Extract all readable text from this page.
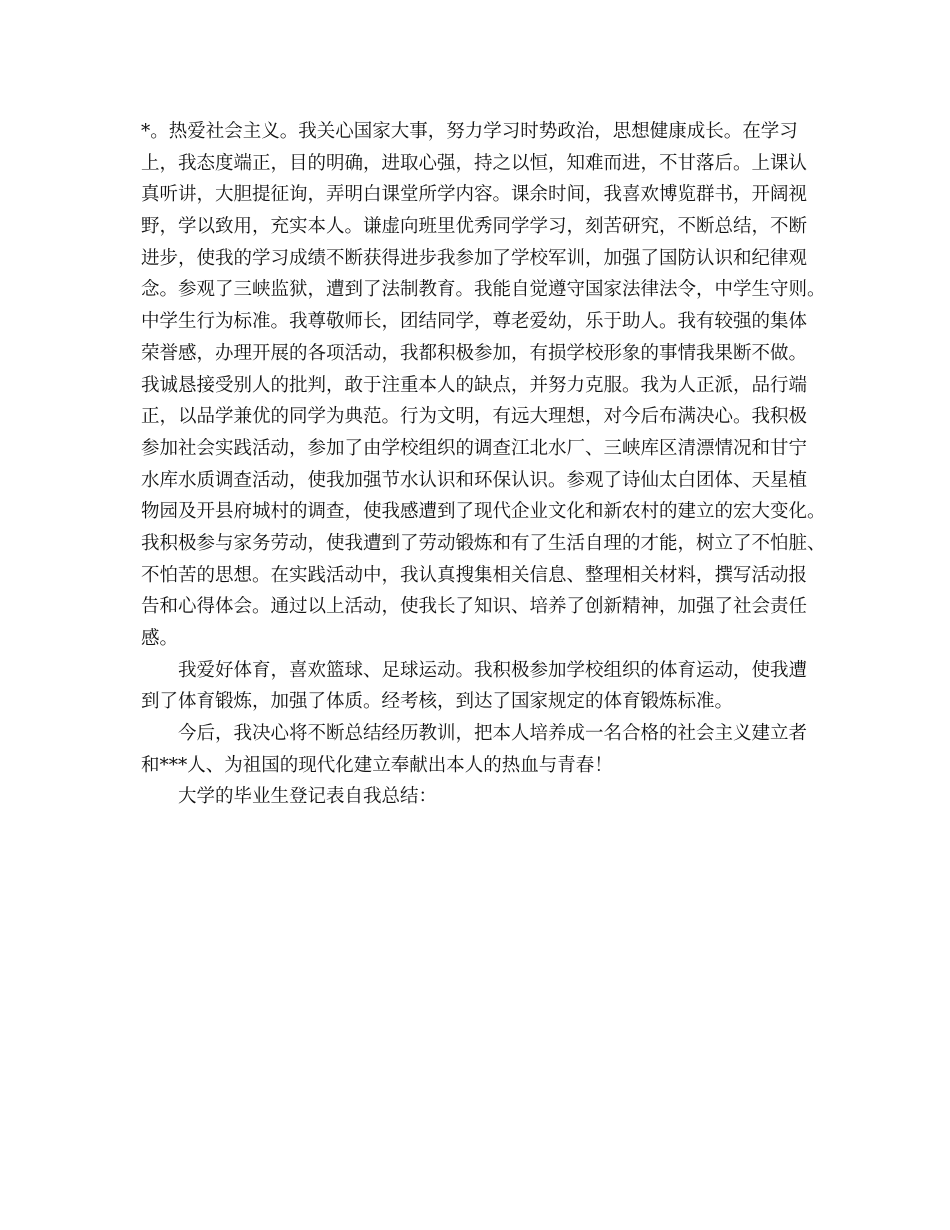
*。热爱社会主义。我关心国家大事，努力学习时势政治，思想健康成长。在学习
上，我态度端正，目的明确，进取心强，持之以恒，知难而进，不甘落后。上课认
真听讲，大胆提征询，弄明白课堂所学内容。课余时间，我喜欢博览群书，开阔视
野，学以致用，充实本人。谦虚向班里优秀同学学习，刻苦研究，不断总结，不断
进步，使我的学习成绩不断获得进步我参加了学校军训，加强了国防认识和纪律观
念。参观了三峡监狱，遭到了法制教育。我能自觉遵守国家法律法令，中学生守则。
中学生行为标准。我尊敬师长，团结同学，尊老爱幼，乐于助人。我有较强的集体
荣誉感，办理开展的各项活动，我都积极参加，有损学校形象的事情我果断不做。
我诚恳接受别人的批判，敢于注重本人的缺点，并努力克服。我为人正派，品行端
正，以品学兼优的同学为典范。行为文明，有远大理想，对今后布满决心。我积极
参加社会实践活动，参加了由学校组织的调查江北水厂、三峡库区清漂情况和甘宁
水库水质调查活动，使我加强节水认识和环保认识。参观了诗仙太白团体、天星植
物园及开县府城村的调查，使我感遭到了现代企业文化和新农村的建立的宏大变化。
我积极参与家务劳动，使我遭到了劳动锻炼和有了生活自理的才能，树立了不怕脏、
不怕苦的思想。在实践活动中，我认真搜集相关信息、整理相关材料，撰写活动报
告和心得体会。通过以上活动，使我长了知识、培养了创新精神，加强了社会责任
感。
我爱好体育，喜欢篮球、足球运动。我积极参加学校组织的体育运动，使我遭
到了体育锻炼，加强了体质。经考核，到达了国家规定的体育锻炼标准。
今后，我决心将不断总结经历教训，把本人培养成一名合格的社会主义建立者
和***人、为祖国的现代化建立奉献出本人的热血与青春！
大学的毕业生登记表自我总结：
